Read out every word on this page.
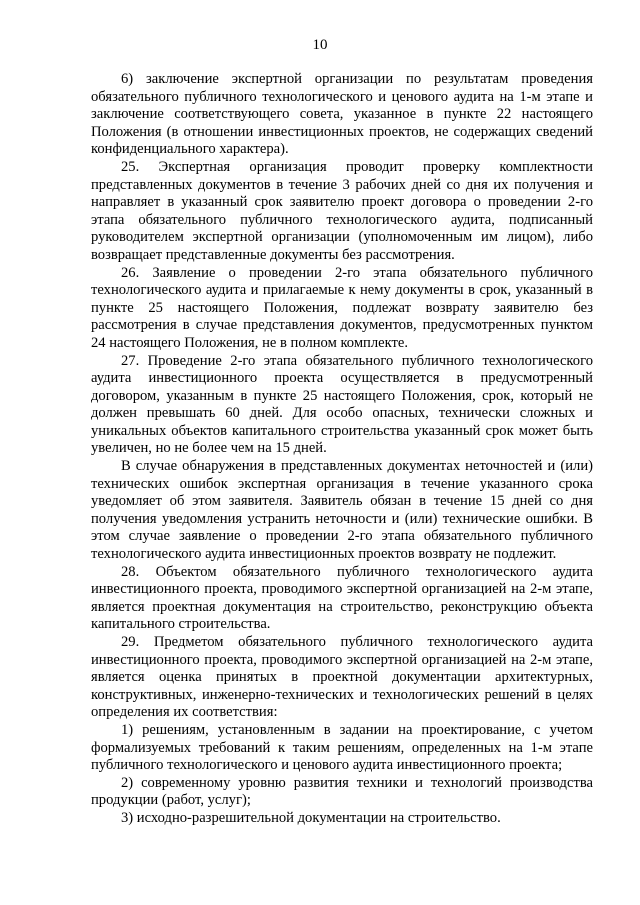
10

6) заключение экспертной организации по результатам проведения обязательного публичного технологического и ценового аудита на 1-м этапе и заключение соответствующего совета, указанное в пункте 22 настоящего Положения (в отношении инвестиционных проектов, не содержащих сведений конфиденциального характера).

25. Экспертная организация проводит проверку комплектности представленных документов в течение 3 рабочих дней со дня их получения и направляет в указанный срок заявителю проект договора о проведении 2-го этапа обязательного публичного технологического аудита, подписанный руководителем экспертной организации (уполномоченным им лицом), либо возвращает представленные документы без рассмотрения.

26. Заявление о проведении 2-го этапа обязательного публичного технологического аудита и прилагаемые к нему документы в срок, указанный в пункте 25 настоящего Положения, подлежат возврату заявителю без рассмотрения в случае представления документов, предусмотренных пунктом 24 настоящего Положения, не в полном комплекте.

27. Проведение 2-го этапа обязательного публичного технологического аудита инвестиционного проекта осуществляется в предусмотренный договором, указанным в пункте 25 настоящего Положения, срок, который не должен превышать 60 дней. Для особо опасных, технически сложных и уникальных объектов капитального строительства указанный срок может быть увеличен, но не более чем на 15 дней.

В случае обнаружения в представленных документах неточностей и (или) технических ошибок экспертная организация в течение указанного срока уведомляет об этом заявителя. Заявитель обязан в течение 15 дней со дня получения уведомления устранить неточности и (или) технические ошибки. В этом случае заявление о проведении 2-го этапа обязательного публичного технологического аудита инвестиционных проектов возврату не подлежит.

28. Объектом обязательного публичного технологического аудита инвестиционного проекта, проводимого экспертной организацией на 2-м этапе, является проектная документация на строительство, реконструкцию объекта капитального строительства.

29. Предметом обязательного публичного технологического аудита инвестиционного проекта, проводимого экспертной организацией на 2-м этапе, является оценка принятых в проектной документации архитектурных, конструктивных, инженерно-технических и технологических решений в целях определения их соответствия:

1) решениям, установленным в задании на проектирование, с учетом формализуемых требований к таким решениям, определенных на 1-м этапе публичного технологического и ценового аудита инвестиционного проекта;

2) современному уровню развития техники и технологий производства продукции (работ, услуг);

3) исходно-разрешительной документации на строительство.
